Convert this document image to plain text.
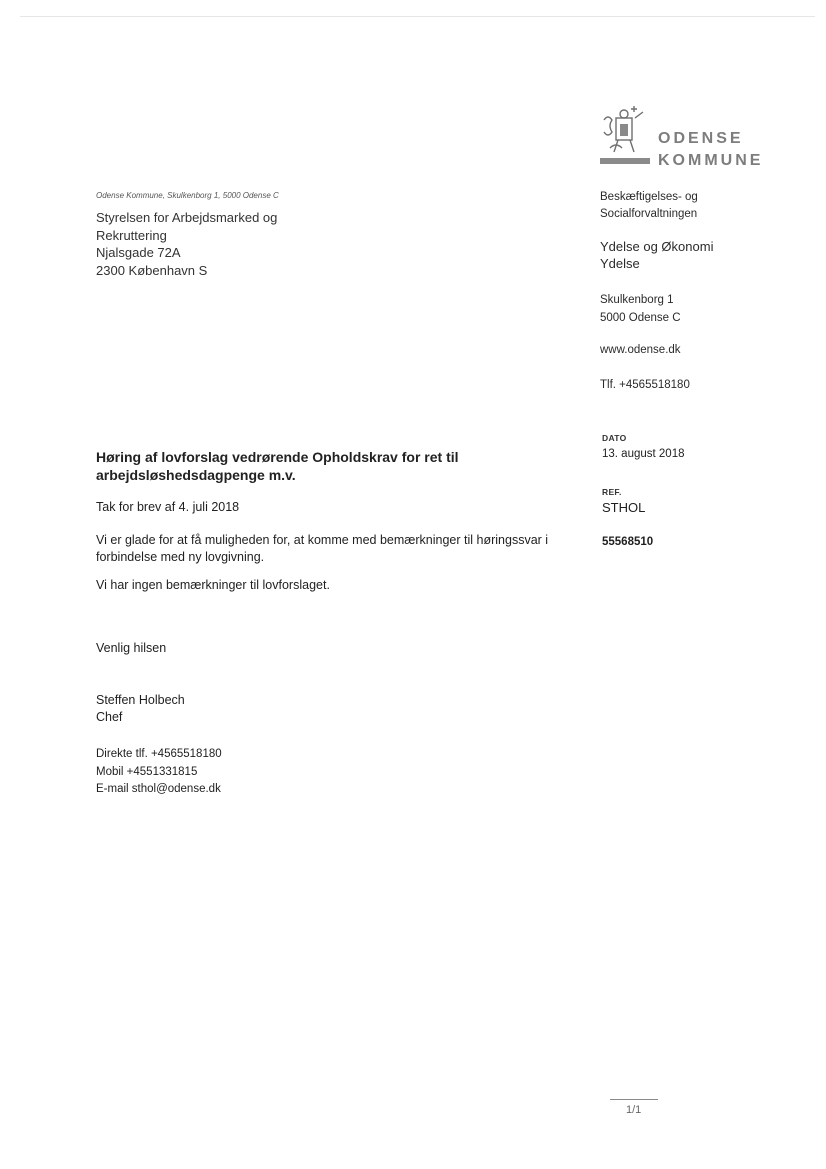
ODENSE
KOMMUNE
Odense Kommune, Skulkenborg 1, 5000 Odense C
Styrelsen for Arbejdsmarked og
Rekruttering
Njalsgade 72A
2300 København S
Beskæftigelses- og
Socialforvaltningen
Ydelse og Økonomi
Ydelse
Skulkenborg 1
5000 Odense C
www.odense.dk
Tlf. +4565518180
DATO
13. august 2018
REF.
STHOL
55568510
Høring af lovforslag vedrørende Opholdskrav for ret til
arbejdsløshedsdagpenge m.v.
Tak for brev af 4. juli 2018
Vi er glade for at få muligheden for, at komme med bemærkninger til høringssvar i
forbindelse med ny lovgivning.
Vi har ingen bemærkninger til lovforslaget.
Venlig hilsen
Steffen Holbech
Chef
Direkte tlf. +4565518180
Mobil +4551331815
E-mail sthol@odense.dk
1/1
